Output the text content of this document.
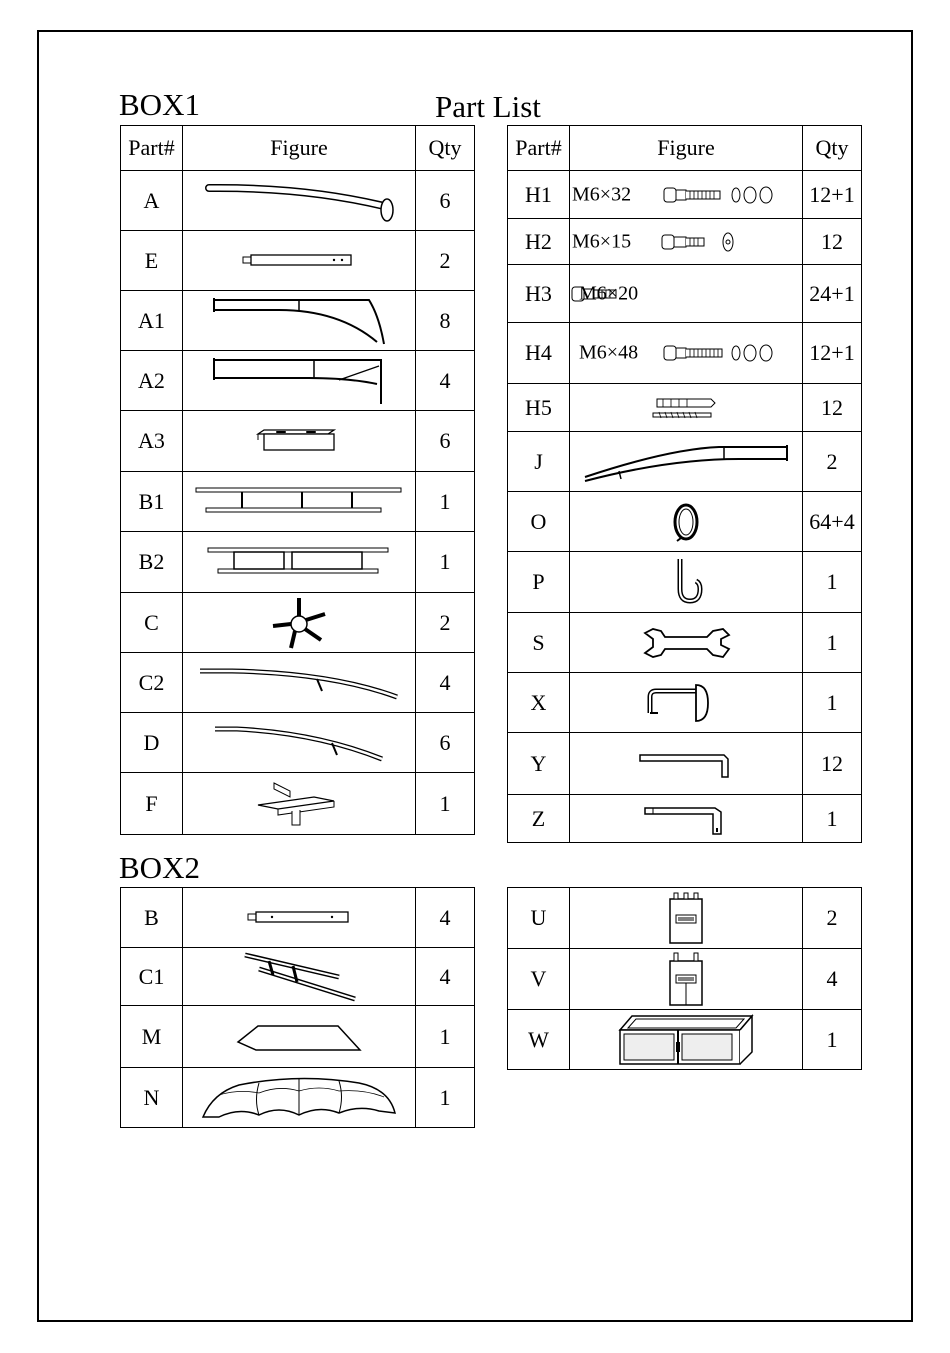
BOX1	Part List
BOX2
Part#	Figure	Qty
A		6
E		2
A1		8
A2		4
A3		6
B1		1
B2		1
C		2
C2		4
D		6
F		1
Part#	Figure	Qty
H1	M6×32	12+1
H2	M6×15	12
H3	M6×20	24+1
H4	M6×48	12+1
H5		12
J		2
O		64+4
P		1
S		1
X		1
Y		12
Z		1
B		4
C1		4
M		1
N		1
U		2
V		4
W		1
